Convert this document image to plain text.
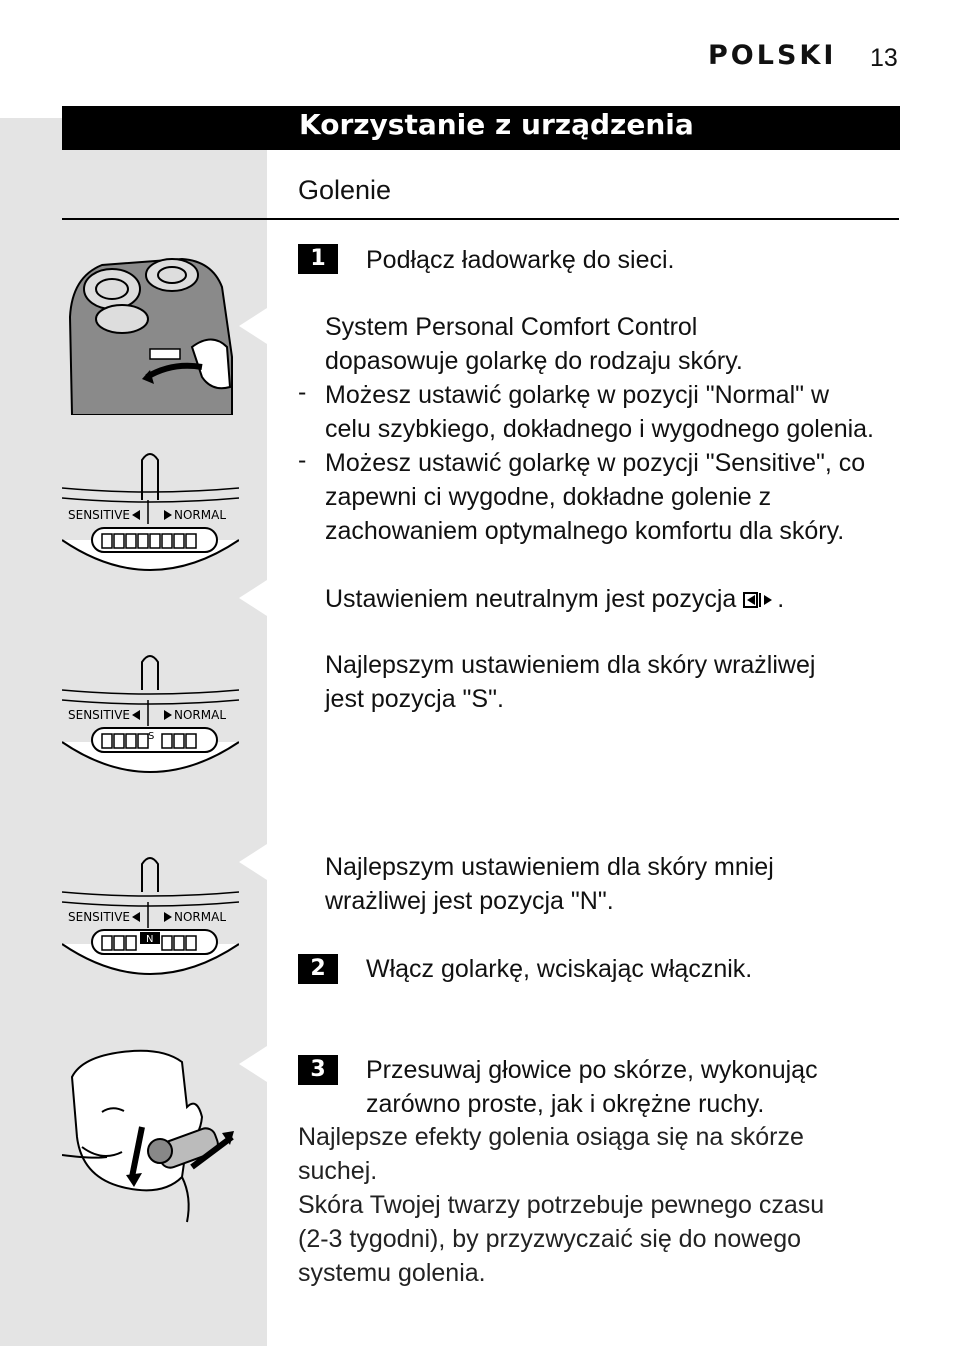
POLSKI 13
Korzystanie z urządzenia
Golenie
SENSITIVE	NORMAL
SENSITIVE	NORMAL
S
SENSITIVE	NORMAL
N
1	Podłącz ładowarkę do sieci.
System Personal Comfort Control
dopasowuje golarkę do rodzaju skóry.
- Możesz ustawić golarkę w pozycji "Normal" w
celu szybkiego, dokładnego i wygodnego golenia.
- Możesz ustawić golarkę w pozycji "Sensitive", co
zapewni ci wygodne, dokładne golenie z
zachowaniem optymalnego komfortu dla skóry.
Ustawieniem neutralnym jest pozycja .
Najlepszym ustawieniem dla skóry wrażliwej
jest pozycja "S".
Najlepszym ustawieniem dla skóry mniej
wrażliwej jest pozycja "N".
2	Włącz golarkę, wciskając włącznik.
3	Przesuwaj głowice po skórze, wykonując
zarówno proste, jak i okrężne ruchy.
Najlepsze efekty golenia osiąga się na skórze
suchej.
Skóra Twojej twarzy potrzebuje pewnego czasu
(2-3 tygodni), by przyzwyczaić się do nowego
systemu golenia.
